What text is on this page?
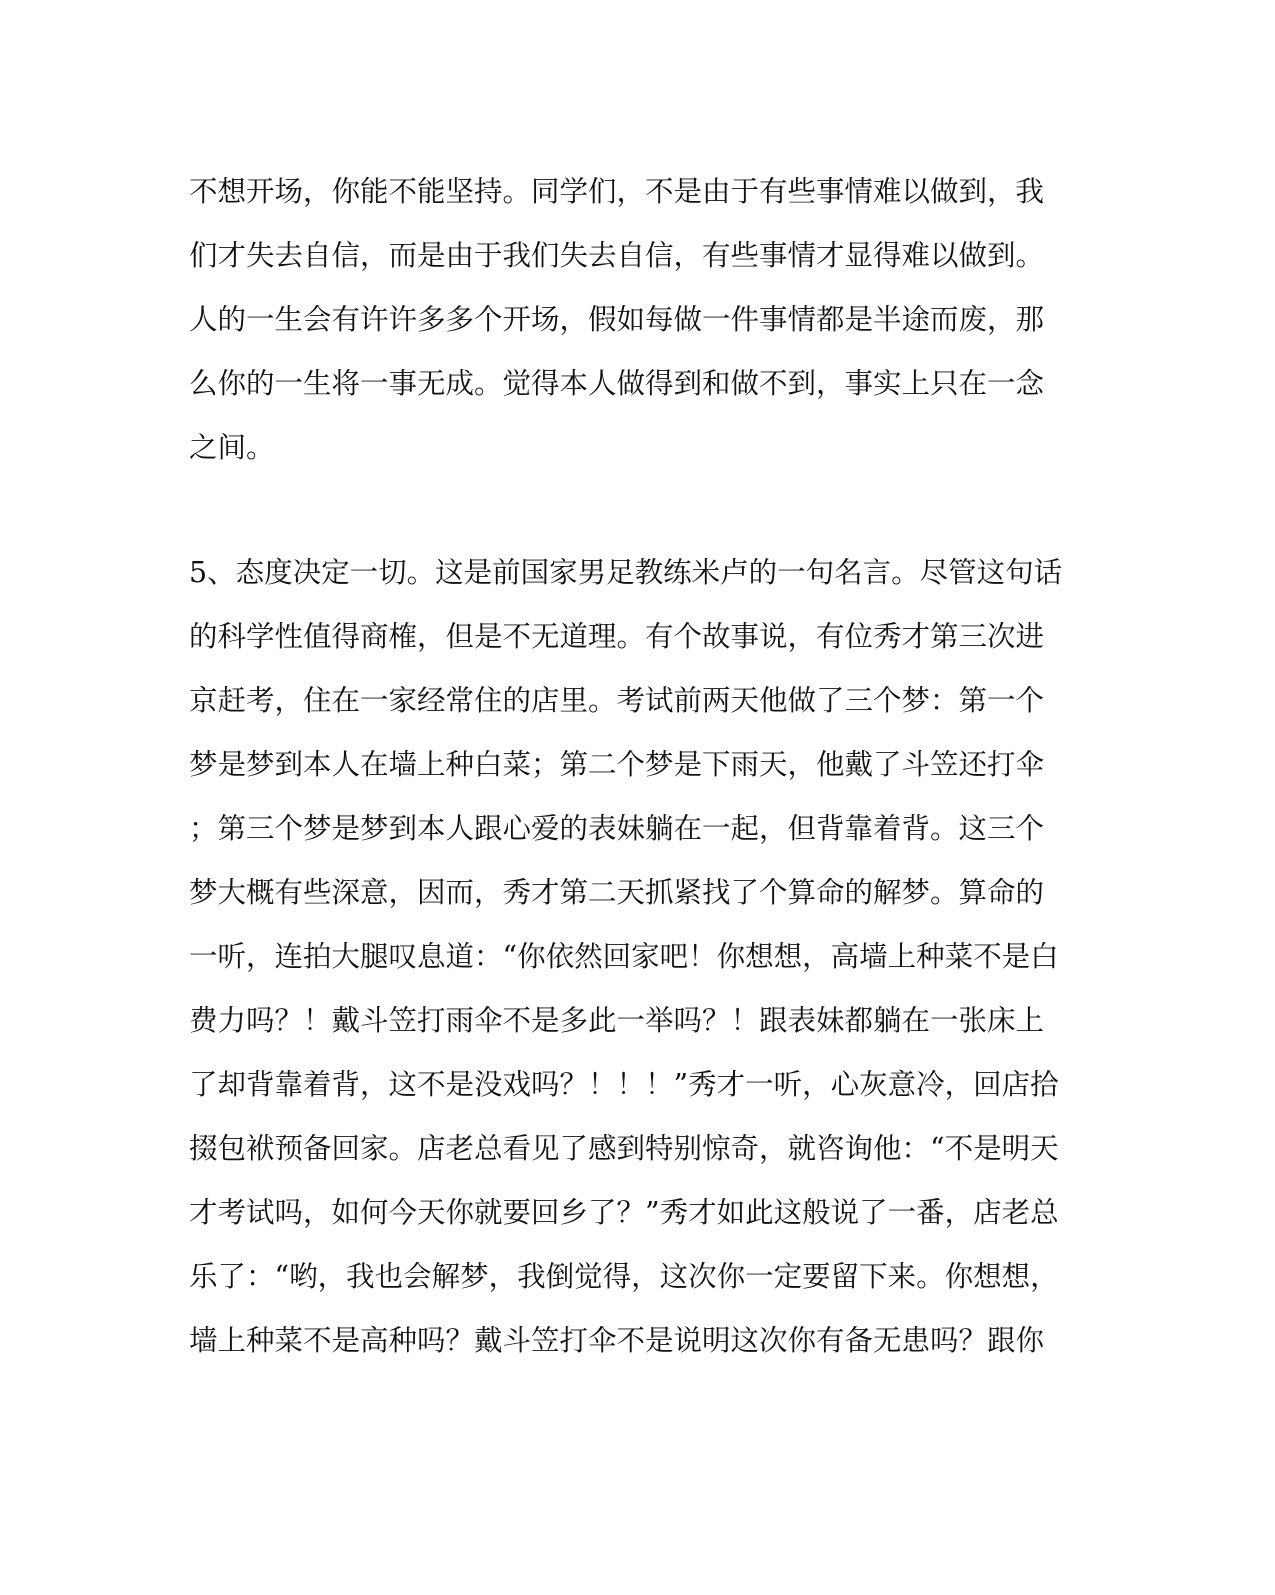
不想开场，你能不能坚持。同学们，不是由于有些事情难以做到，我
们才失去自信，而是由于我们失去自信，有些事情才显得难以做到。
人的一生会有许许多多个开场，假如每做一件事情都是半途而废，那
么你的一生将一事无成。觉得本人做得到和做不到，事实上只在一念
之间。
5、态度决定一切。这是前国家男足教练米卢的一句名言。尽管这句话
的科学性值得商榷，但是不无道理。有个故事说，有位秀才第三次进
京赶考，住在一家经常住的店里。考试前两天他做了三个梦：第一个
梦是梦到本人在墙上种白菜；第二个梦是下雨天，他戴了斗笠还打伞
；第三个梦是梦到本人跟心爱的表妹躺在一起，但背靠着背。这三个
梦大概有些深意，因而，秀才第二天抓紧找了个算命的解梦。算命的
一听，连拍大腿叹息道：“你依然回家吧！你想想，高墙上种菜不是白
费力吗？！戴斗笠打雨伞不是多此一举吗？！跟表妹都躺在一张床上
了却背靠着背，这不是没戏吗？！！！”秀才一听，心灰意冷，回店拾
掇包袱预备回家。店老总看见了感到特别惊奇，就咨询他：“不是明天
才考试吗，如何今天你就要回乡了？”秀才如此这般说了一番，店老总
乐了：“哟，我也会解梦，我倒觉得，这次你一定要留下来。你想想，
墙上种菜不是高种吗？戴斗笠打伞不是说明这次你有备无患吗？跟你
